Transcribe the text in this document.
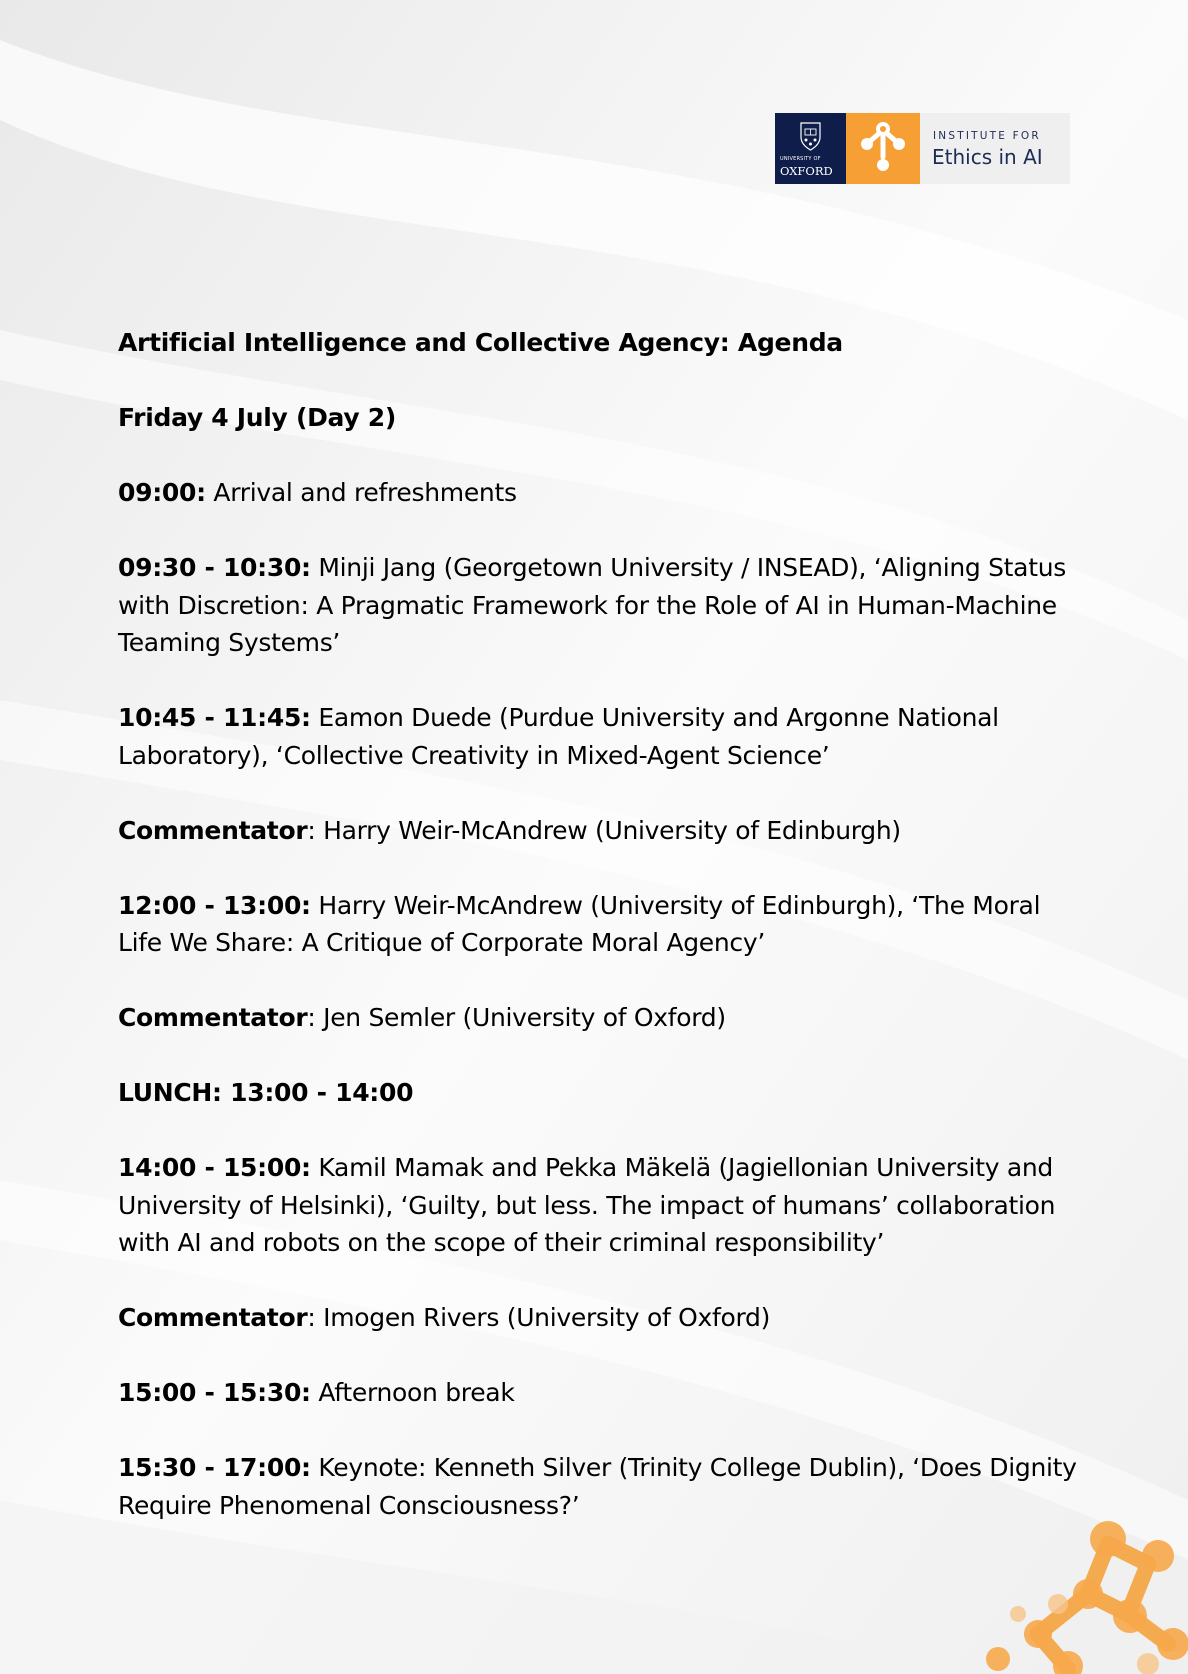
UNIVERSITY OF
OXFORD
INSTITUTE FOR
Ethics in AI

Artificial Intelligence and Collective Agency: Agenda

Friday 4 July (Day 2)

09:00: Arrival and refreshments

09:30 - 10:30: Minji Jang (Georgetown University / INSEAD), ‘Aligning Status with Discretion: A Pragmatic Framework for the Role of AI in Human-Machine Teaming Systems’

10:45 - 11:45: Eamon Duede (Purdue University and Argonne National Laboratory), ‘Collective Creativity in Mixed-Agent Science’

Commentator: Harry Weir-McAndrew (University of Edinburgh)

12:00 - 13:00: Harry Weir-McAndrew (University of Edinburgh), ‘The Moral Life We Share: A Critique of Corporate Moral Agency’

Commentator: Jen Semler (University of Oxford)

LUNCH: 13:00 - 14:00

14:00 - 15:00: Kamil Mamak and Pekka Mäkelä (Jagiellonian University and University of Helsinki), ‘Guilty, but less. The impact of humans’ collaboration with AI and robots on the scope of their criminal responsibility’

Commentator: Imogen Rivers (University of Oxford)

15:00 - 15:30: Afternoon break

15:30 - 17:00: Keynote: Kenneth Silver (Trinity College Dublin), ‘Does Dignity Require Phenomenal Consciousness?’
